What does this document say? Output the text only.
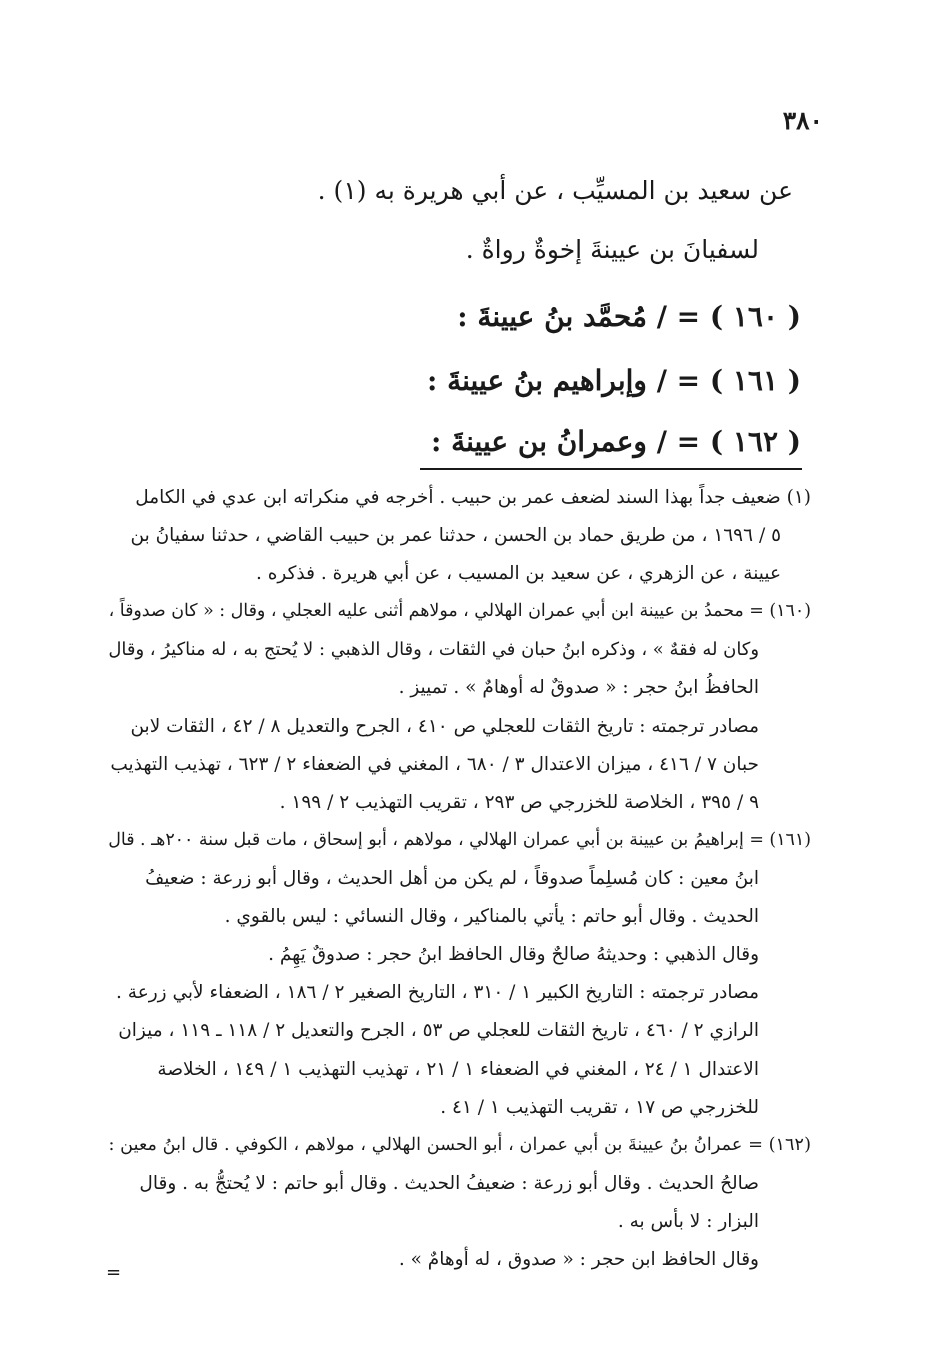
٣٨٠
عن سعيد بن المسيِّب ، عن أبي هريرة به (١) .
لسفيانَ بن عيينةَ إخوةٌ رواةٌ .
( ١٦٠ ) = / مُحمَّد بنُ عيينةَ :
( ١٦١ ) = / وإبراهيم بنُ عيينةَ :
( ١٦٢ ) = / وعمرانُ بن عيينةَ :
(١) ضعيف جداً بهذا السند لضعف عمر بن حبيب . أخرجه في منكراته ابن عدي في الكامل
٥ / ١٦٩٦ ، من طريق حماد بن الحسن ، حدثنا عمر بن حبيب القاضي ، حدثنا سفيانُ بن
عيينة ، عن الزهري ، عن سعيد بن المسيب ، عن أبي هريرة . فذكره .
(١٦٠) = محمدُ بن عيينة ابن أبي عمران الهلالي ، مولاهم أثنى عليه العجلي ، وقال : « كان صدوقاً ،
وكان له فقهٌ » ، وذكره ابنُ حبان في الثقات ، وقال الذهبي : لا يُحتج به ، له مناكيرُ ، وقال
الحافظُ ابنُ حجر : « صدوقٌ له أوهامٌ » . تمييز .
مصادر ترجمته : تاريخ الثقات للعجلي ص ٤١٠ ، الجرح والتعديل ٨ / ٤٢ ، الثقات لابن
حبان ٧ / ٤١٦ ، ميزان الاعتدال ٣ / ٦٨٠ ، المغني في الضعفاء ٢ / ٦٢٣ ، تهذيب التهذيب
٩ / ٣٩٥ ، الخلاصة للخزرجي ص ٢٩٣ ، تقريب التهذيب ٢ / ١٩٩ .
(١٦١) = إبراهيمُ بن عيينة بن أبي عمران الهلالي ، مولاهم ، أبو إسحاق ، مات قبل سنة ٢٠٠هـ . قال
ابنُ معين : كان مُسلِماً صدوقاً ، لم يكن من أهل الحديث ، وقال أبو زرعة : ضعيفُ
الحديث . وقال أبو حاتم : يأتي بالمناكير ، وقال النسائي : ليس بالقوي .
وقال الذهبي : وحديثهُ صالحٌ وقال الحافظ ابنُ حجر : صدوقٌ يَهِمُ .
مصادر ترجمته : التاريخ الكبير ١ / ٣١٠ ، التاريخ الصغير ٢ / ١٨٦ ، الضعفاء لأبي زرعة .
الرازي ٢ / ٤٦٠ ، تاريخ الثقات للعجلي ص ٥٣ ، الجرح والتعديل ٢ / ١١٨ ـ ١١٩ ، ميزان
الاعتدال ١ / ٢٤ ، المغني في الضعفاء ١ / ٢١ ، تهذيب التهذيب ١ / ١٤٩ ، الخلاصة
للخزرجي ص ١٧ ، تقريب التهذيب ١ / ٤١ .
(١٦٢) = عمرانُ بنُ عيينةَ بن أبي عمران ، أبو الحسن الهلالي ، مولاهم ، الكوفي . قال ابنُ معين :
صالحُ الحديث . وقال أبو زرعة : ضعيفُ الحديث . وقال أبو حاتم : لا يُحتجُّ به . وقال
البزار : لا بأس به .
وقال الحافظ ابن حجر : « صدوق ، له أوهامٌ » .
=
